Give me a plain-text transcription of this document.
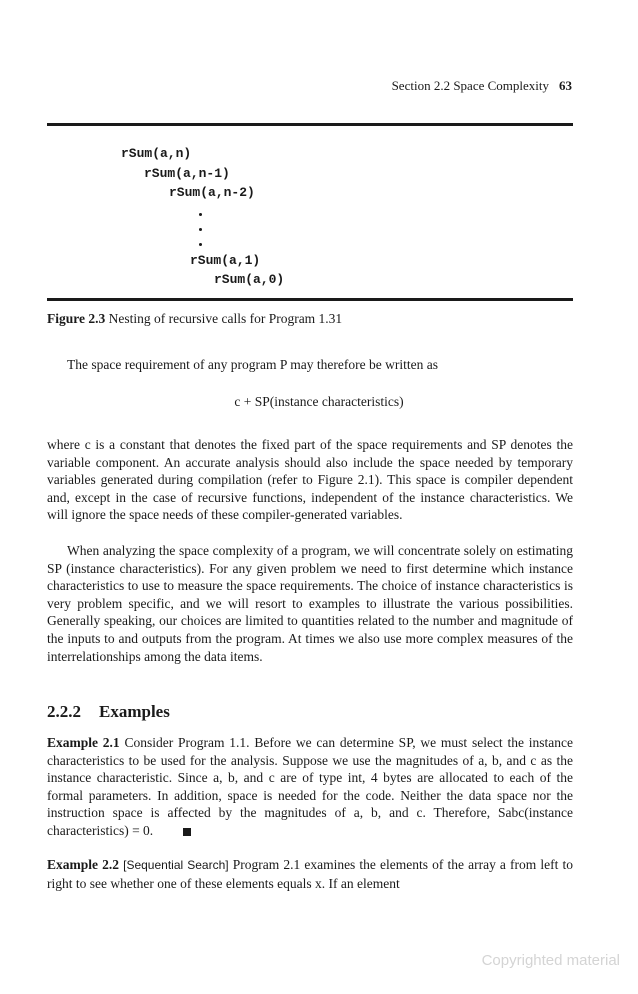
Section 2.2 Space Complexity 63
rSum(a,n)
rSum(a,n-1)
rSum(a,n-2)
rSum(a,1)
rSum(a,0)
Figure 2.3 Nesting of recursive calls for Program 1.31
The space requirement of any program P may therefore be written as
c + SP(instance characteristics)
where c is a constant that denotes the fixed part of the space requirements and SP denotes the variable component. An accurate analysis should also include the space needed by temporary variables generated during compilation (refer to Figure 2.1). This space is compiler dependent and, except in the case of recursive functions, independent of the instance characteristics. We will ignore the space needs of these compiler-generated variables.
When analyzing the space complexity of a program, we will concentrate solely on estimating SP (instance characteristics). For any given problem we need to first determine which instance characteristics to use to measure the space requirements. The choice of instance characteristics is very problem specific, and we will resort to examples to illustrate the various possibilities. Generally speaking, our choices are limited to quantities related to the number and magnitude of the inputs to and outputs from the program. At times we also use more complex measures of the interrelationships among the data items.
2.2.2 Examples
Example 2.1 Consider Program 1.1. Before we can determine SP, we must select the instance characteristics to be used for the analysis. Suppose we use the magnitudes of a, b, and c as the instance characteristic. Since a, b, and c are of type int, 4 bytes are allocated to each of the formal parameters. In addition, space is needed for the code. Neither the data space nor the instruction space is affected by the magnitudes of a, b, and c. Therefore, Sabc(instance characteristics) = 0.
Example 2.2 [Sequential Search] Program 2.1 examines the elements of the array a from left to right to see whether one of these elements equals x. If an element
Copyrighted material
